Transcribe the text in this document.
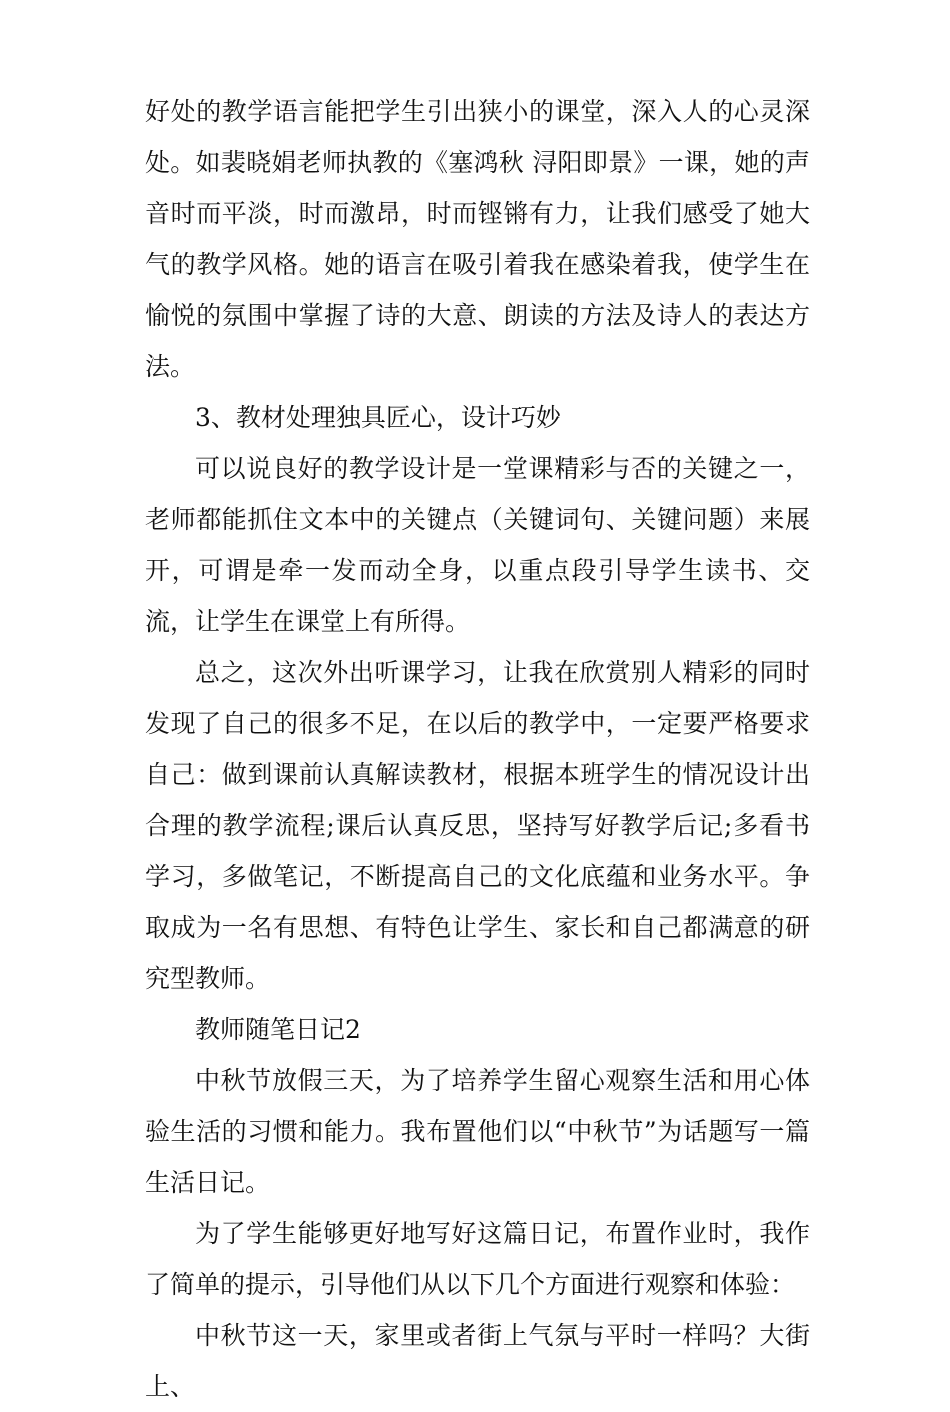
好处的教学语言能把学生引出狭小的课堂，深入人的心灵深处。如裴晓娟老师执教的《塞鸿秋 浔阳即景》一课，她的声音时而平淡，时而激昂，时而铿锵有力，让我们感受了她大气的教学风格。她的语言在吸引着我在感染着我，使学生在愉悦的氛围中掌握了诗的大意、朗读的方法及诗人的表达方法。

3、教材处理独具匠心，设计巧妙

可以说良好的教学设计是一堂课精彩与否的关键之一，老师都能抓住文本中的关键点（关键词句、关键问题）来展开，可谓是牵一发而动全身，以重点段引导学生读书、交流，让学生在课堂上有所得。

总之，这次外出听课学习，让我在欣赏别人精彩的同时发现了自己的很多不足，在以后的教学中，一定要严格要求自己：做到课前认真解读教材，根据本班学生的情况设计出合理的教学流程;课后认真反思，坚持写好教学后记;多看书学习，多做笔记，不断提高自己的文化底蕴和业务水平。争取成为一名有思想、有特色让学生、家长和自己都满意的研究型教师。

教师随笔日记2

中秋节放假三天，为了培养学生留心观察生活和用心体验生活的习惯和能力。我布置他们以“中秋节”为话题写一篇生活日记。

为了学生能够更好地写好这篇日记，布置作业时，我作了简单的提示，引导他们从以下几个方面进行观察和体验：

中秋节这一天，家里或者街上气氛与平时一样吗？大街上、
